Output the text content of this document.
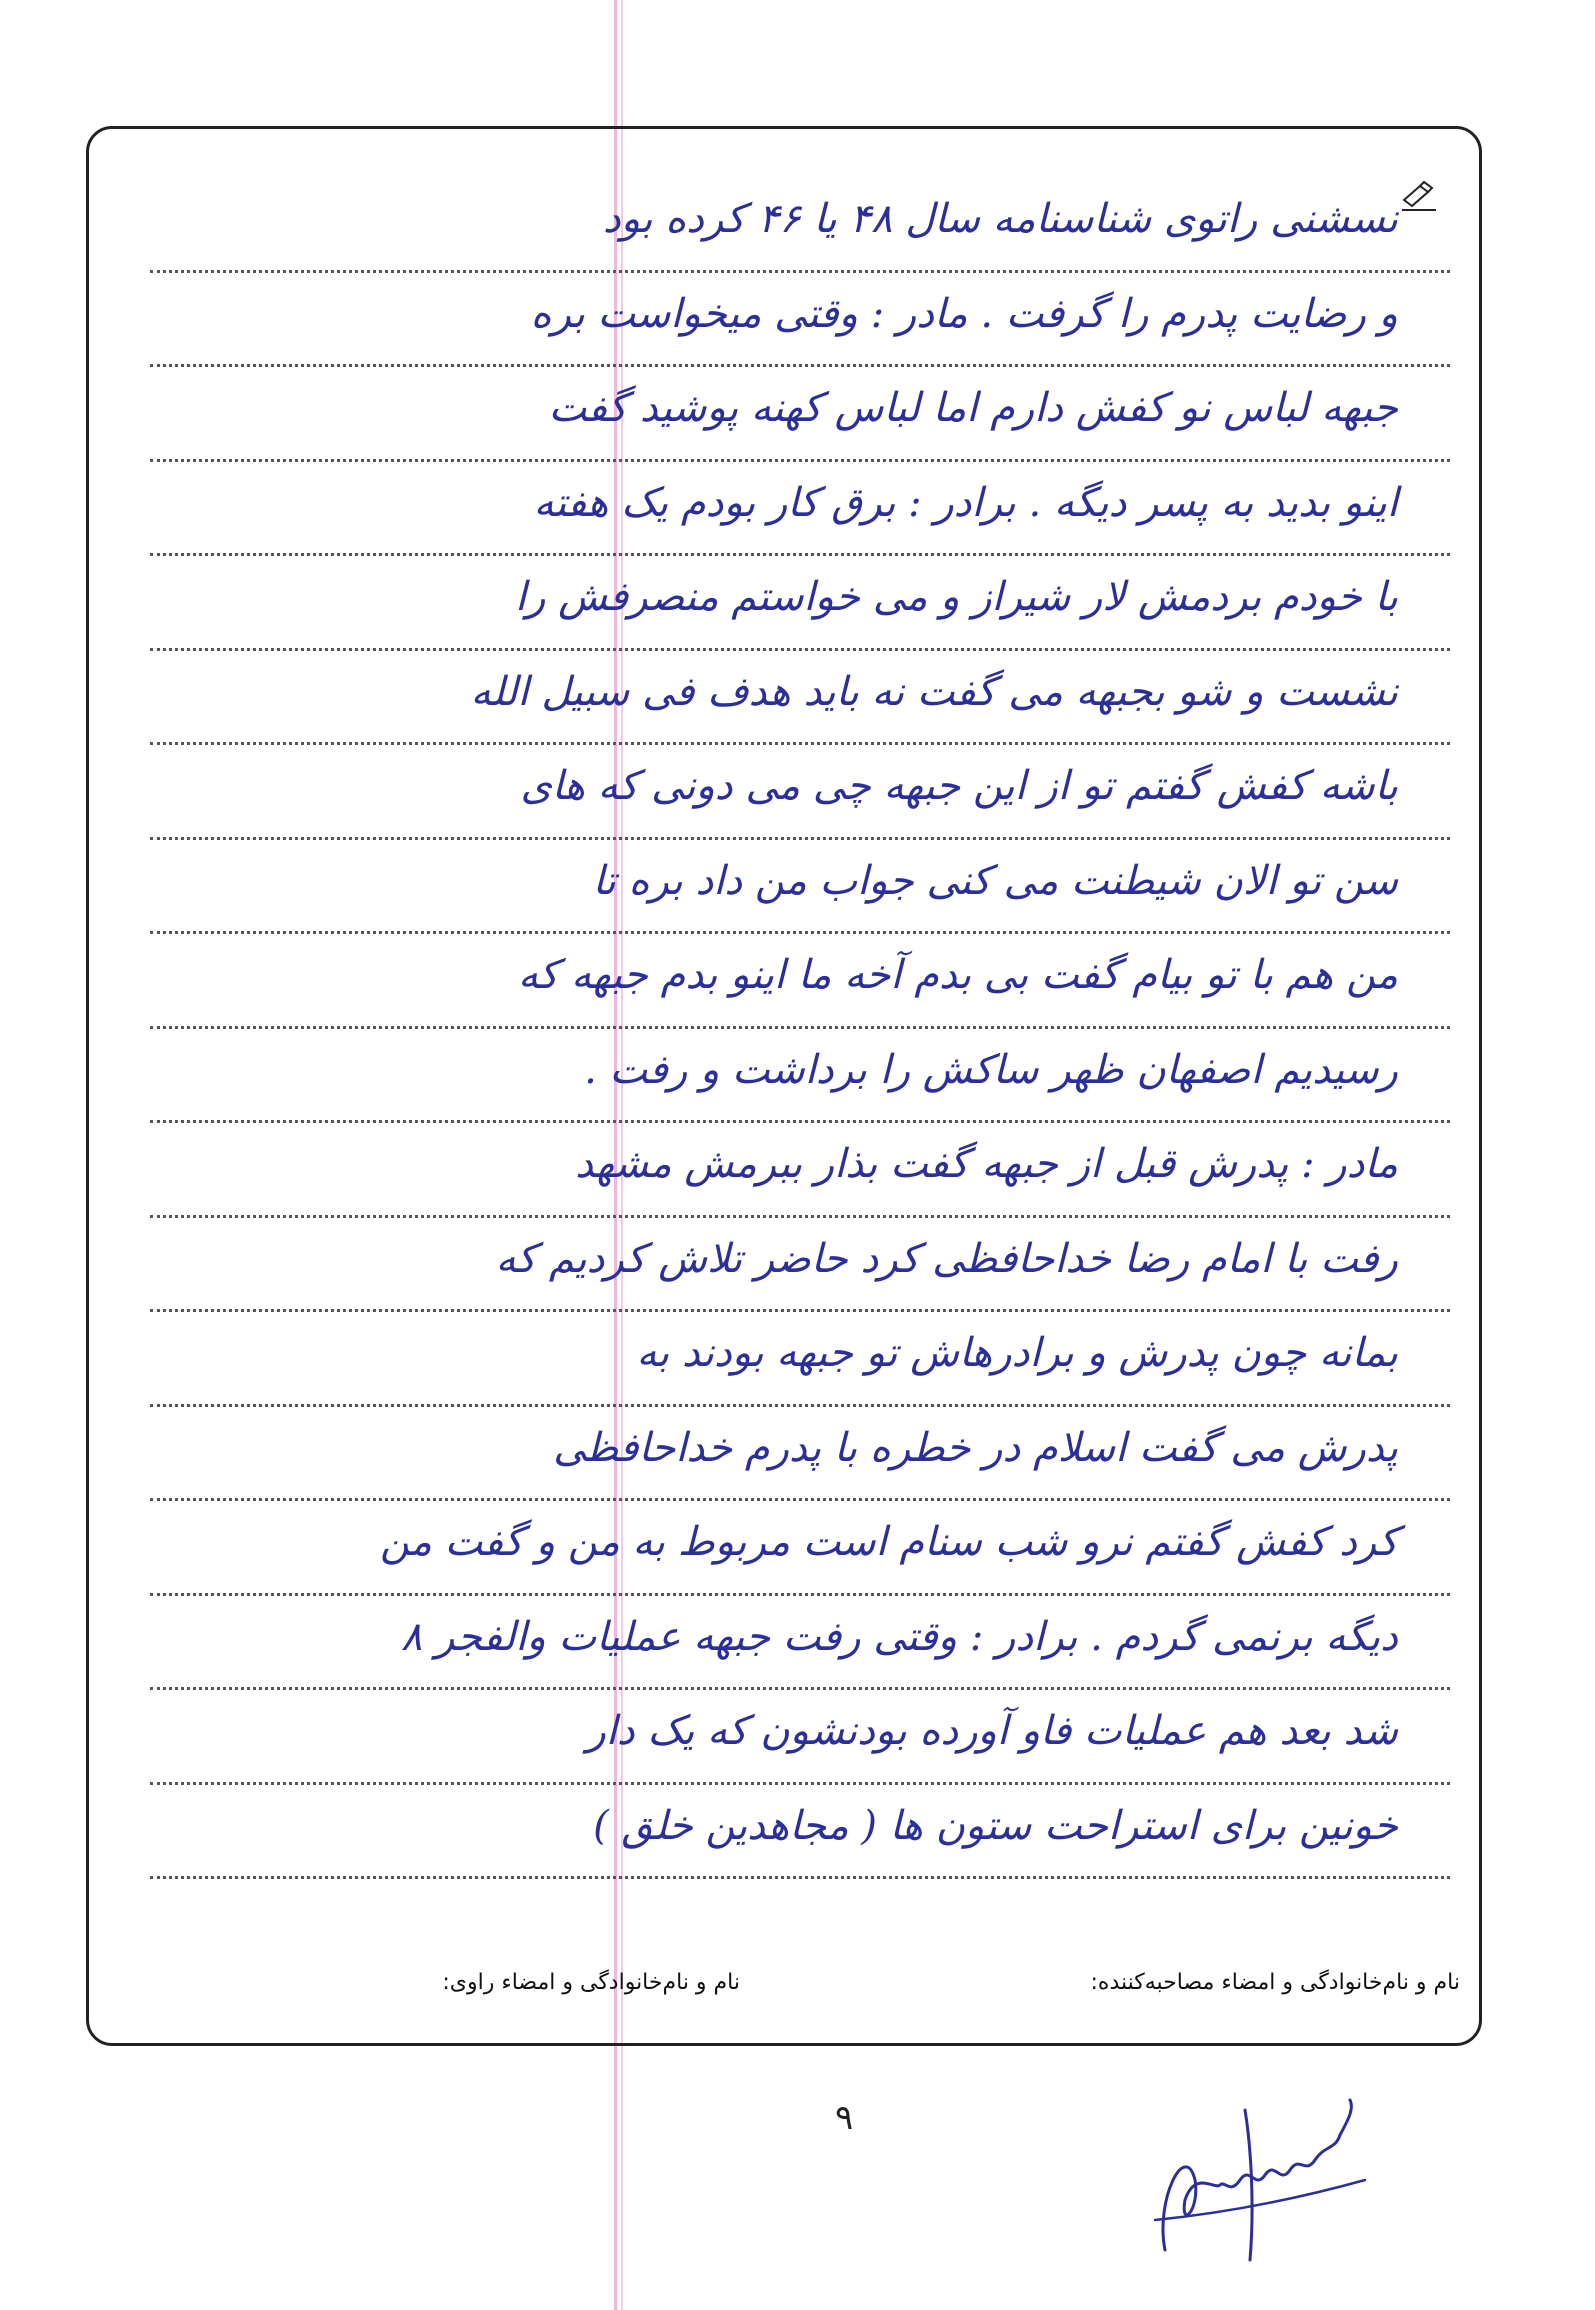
نسشنی راتوی شناسنامه سال ۴۸ یا ۴۶ کرده بود
و رضایت پدرم را گرفت . مادر : وقتی میخواست بره
جبهه لباس نو کفش دارم اما لباس کهنه پوشید گفت
اینو بدید به پسر دیگه . برادر : برق کار بودم یک هفته
با خودم بردمش لار شیراز و می خواستم منصرفش را
نشست و شو بجبهه می گفت نه باید هدف فی سبیل الله
باشه کفش گفتم تو از این جبهه چی می دونی که های
سن تو الان شیطنت می کنی جواب من داد بره تا
من هم با تو بیام گفت بی بدم آخه ما اینو بدم جبهه که
رسیدیم اصفهان ظهر ساکش را برداشت و رفت .
مادر : پدرش قبل از جبهه گفت بذار ببرمش مشهد
رفت با امام رضا خداحافظی کرد حاضر تلاش کردیم که
بمانه چون پدرش و برادرهاش تو جبهه بودند به
پدرش می گفت اسلام در خطره با پدرم خداحافظی
کرد کفش گفتم نرو شب سنام است مربوط به من و گفت من
دیگه برنمی گردم . برادر : وقتی رفت جبهه عملیات والفجر ۸
شد بعد هم عملیات فاو آورده بودنشون که یک دار
خونین برای استراحت ستون ها ( مجاهدین خلق )
نام و نام‌خانوادگی و امضاء مصاحبه‌کننده:
نام و نام‌خانوادگی و امضاء راوی:
۹
